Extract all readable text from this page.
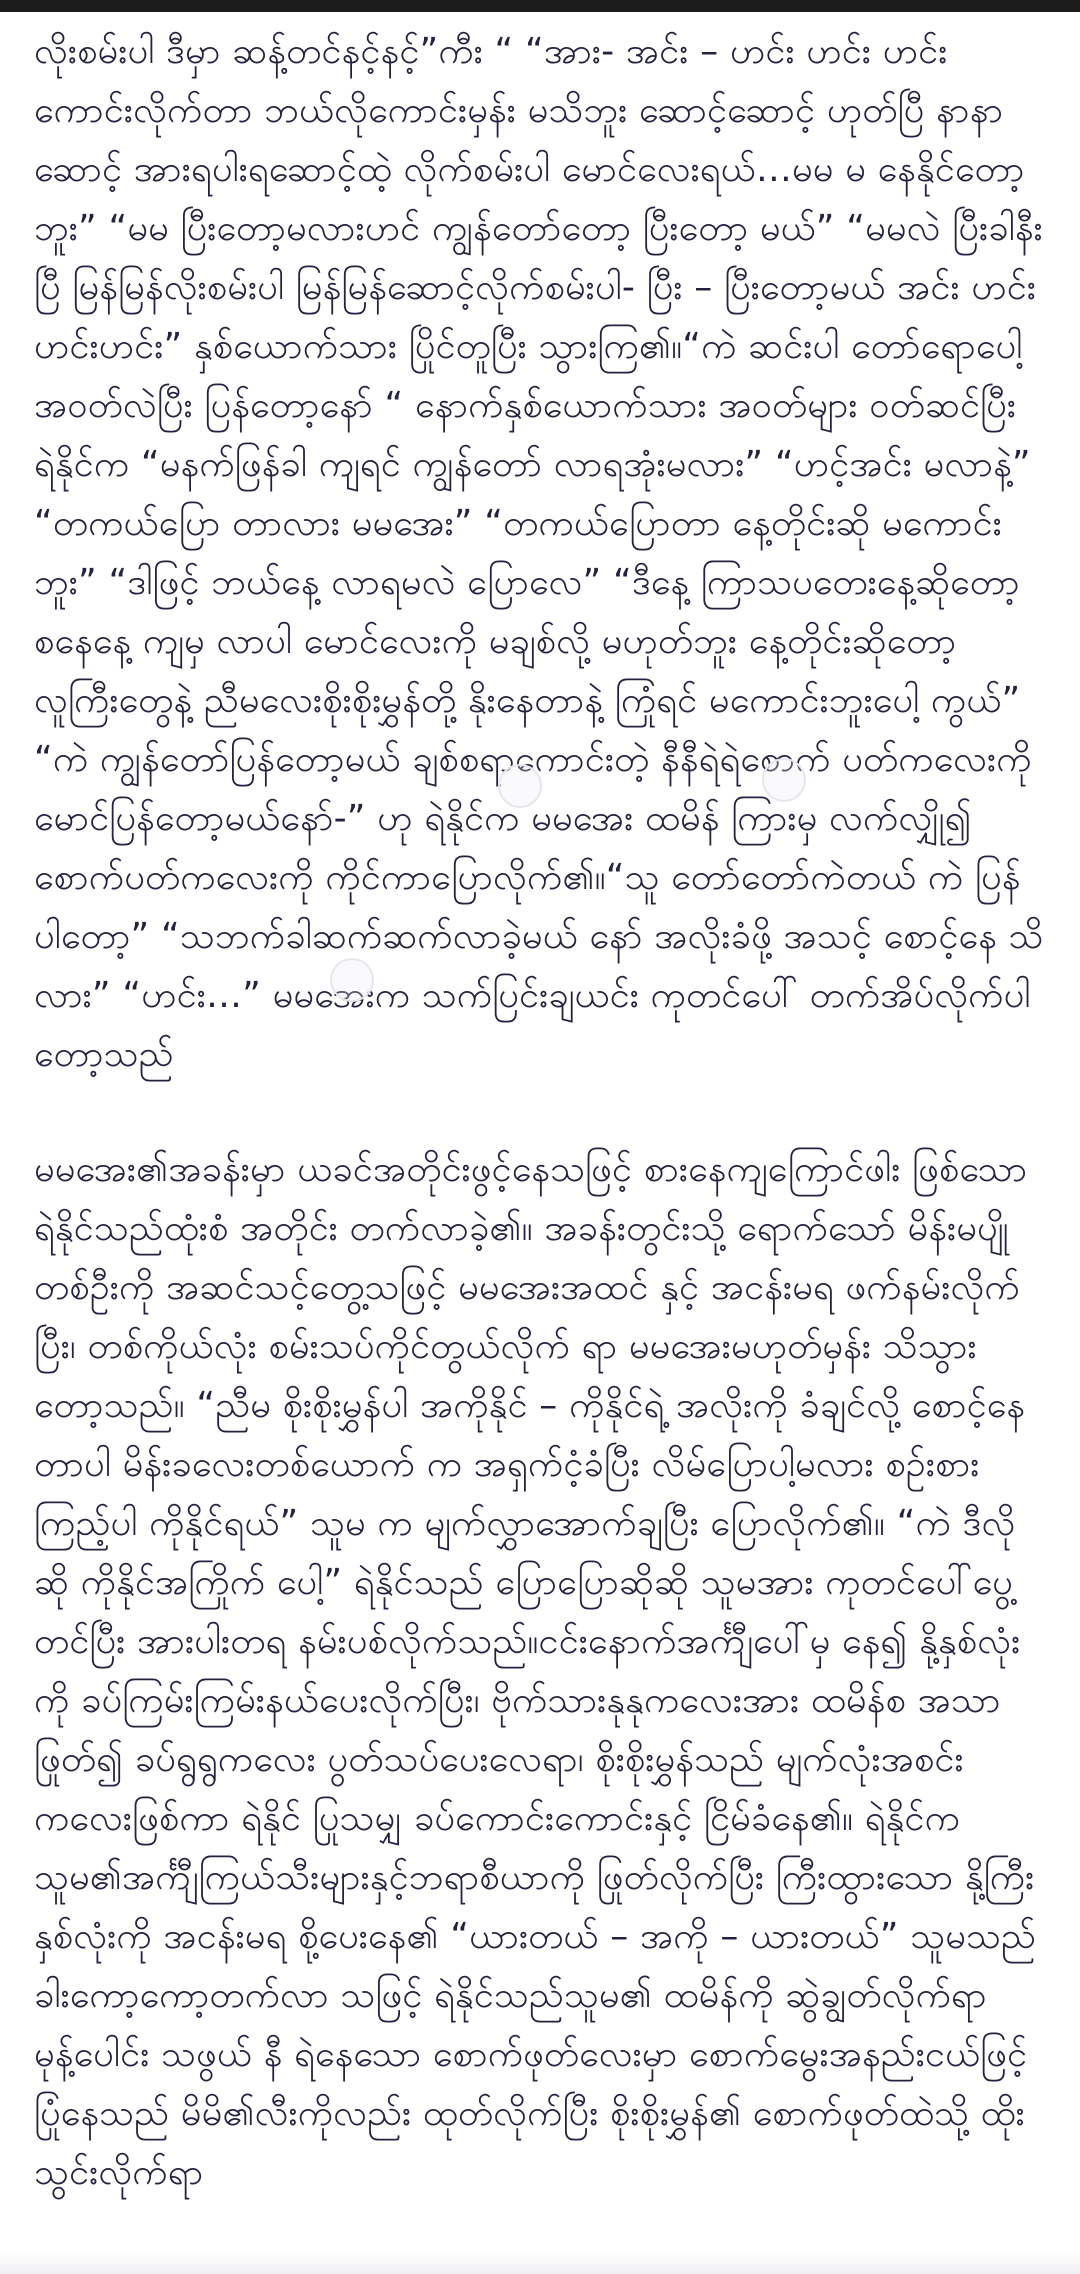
လိုးစမ်းပါ ဒီမှာ ဆန့်တင်နင့်နင့်”ကီး “ “အား- အင်း – ဟင်း ဟင်း ဟင်း ကောင်းလိုက်တာ ဘယ်လိုကောင်းမှန်း မသိဘူး ဆောင့်ဆောင့် ဟုတ်ပြီ နာနာဆောင့် အားရပါးရဆောင့်ထဲ့ လိုက်စမ်းပါ မောင်လေးရယ်…မမ မ နေနိုင်တော့ဘူး” “မမ ပြီးတော့မလားဟင် ကျွန်တော်တော့ ပြီးတော့ မယ်” “မမလဲ ပြီးခါနီးပြီ မြန်မြန်လိုးစမ်းပါ မြန်မြန်ဆောင့်လိုက်စမ်းပါ- ပြီး – ပြီးတော့မယ် အင်း ဟင်းဟင်းဟင်း” နှစ်ယောက်သား ပြိုင်တူပြီး သွားကြ၏။“ကဲ ဆင်းပါ တော်ရောပေါ့ အဝတ်လဲပြီး ပြန်တော့နော် “ နောက်နှစ်ယောက်သား အဝတ်များ ဝတ်ဆင်ပြီး ရဲနိုင်က “မနက်ဖြန်ခါ ကျရင် ကျွန်တော် လာရအုံးမလား” “ဟင့်အင်း မလာနဲ့” “တကယ်ပြော တာလား မမအေး” “တကယ်ပြောတာ နေ့တိုင်းဆို မကောင်းဘူး” “ဒါဖြင့် ဘယ်နေ့ လာရမလဲ ပြောလေ” “ဒီနေ့ ကြာသပတေးနေ့ဆိုတော့ စနေနေ့ ကျမှ လာပါ မောင်လေးကို မချစ်လို့ မဟုတ်ဘူး နေ့တိုင်းဆိုတော့ လူကြီးတွေနဲ့ ညီမလေးစိုးစိုးမွှန်တို့ နိုးနေတာနဲ့ ကြုံရင် မကောင်းဘူးပေါ့ ကွယ်” “ကဲ ကျွန်တော်ပြန်တော့မယ် ချစ်စရာကောင်းတဲ့ နီနီရဲရဲစောက် ပတ်ကလေးကို မောင်ပြန်တော့မယ်နော်-” ဟု ရဲနိုင်က မမအေး ထမိန် ကြားမှ လက်လျှို၍ စောက်ပတ်ကလေးကို ကိုင်ကာပြောလိုက်၏။“သူ တော်တော်ကဲတယ် ကဲ ပြန်ပါတော့” “သဘက်ခါဆက်ဆက်လာခဲ့မယ် နော် အလိုးခံဖို့ အသင့် စောင့်နေ သိလား” “ဟင်း…” မမအေးက သက်ပြင်းချယင်း ကုတင်ပေါ် တက်အိပ်လိုက်ပါတော့သည်

မမအေး၏အခန်းမှာ ယခင်အတိုင်းဖွင့်နေသဖြင့် စားနေကျကြောင်ဖါး ဖြစ်သော ရဲနိုင်သည်ထုံးစံ အတိုင်း တက်လာခဲ့၏။ အခန်းတွင်းသို့ ရောက်သော် မိန်းမပျိုတစ်ဦးကို အဆင်သင့်တွေ့သဖြင့် မမအေးအထင် နှင့် အငန်းမရ ဖက်နမ်းလိုက်ပြီး၊ တစ်ကိုယ်လုံး စမ်းသပ်ကိုင်တွယ်လိုက် ရာ မမအေးမဟုတ်မှန်း သိသွားတော့သည်။ “ညီမ စိုးစိုးမွှန်ပါ အကိုနိုင် – ကိုနိုင်ရဲ့ အလိုးကို ခံချင်လို့ စောင့်နေတာပါ မိန်းခလေးတစ်ယောက် က အရှက်ငံ့ခံပြီး လိမ်ပြောပါ့မလား စဉ်းစားကြည့်ပါ ကိုနိုင်ရယ်” သူမ က မျက်လွှာအောက်ချပြီး ပြောလိုက်၏။ “ကဲ ဒီလိုဆို ကိုနိုင်အကြိုက် ပေါ့” ရဲနိုင်သည် ပြောပြောဆိုဆို သူမအား ကုတင်ပေါ်ပွေ့တင်ပြီး အားပါးတရ နမ်းပစ်လိုက်သည်။ငင်းနောက်အင်္ကျီပေါ်မှ နေ၍ နို့နှစ်လုံး ကို ခပ်ကြမ်းကြမ်းနယ်ပေးလိုက်ပြီး၊ ဗိုက်သားနုနုကလေးအား ထမိန်စ အသာဖြုတ်၍ ခပ်ရွရွကလေး ပွတ်သပ်ပေးလေရာ၊ စိုးစိုးမွှန်သည် မျက်လုံးအစင်းကလေးဖြစ်ကာ ရဲနိုင် ပြုသမျှ ခပ်ကောင်းကောင်းနှင့် ငြိမ်ခံနေ၏။ ရဲနိုင်က သူမ၏အင်္ကျီကြယ်သီးများနှင့်ဘရာစီယာကို ဖြုတ်လိုက်ပြီး ကြီးထွားသော နို့ကြီးနှစ်လုံးကို အငန်းမရ စို့ပေးနေ၏ “ယားတယ် – အကို – ယားတယ်” သူမသည် ခါးကော့ကော့တက်လာ သဖြင့် ရဲနိုင်သည်သူမ၏ ထမိန်ကို ဆွဲချွတ်လိုက်ရာ မုန့်ပေါင်း သဖွယ် နီ ရဲနေသော စောက်ဖုတ်လေးမှာ စောက်မွေးအနည်းငယ်ဖြင့် ပြုံနေသည် မိမိ၏လီးကိုလည်း ထုတ်လိုက်ပြီး စိုးစိုးမွှန်၏ စောက်ဖုတ်ထဲသို့ ထိုးသွင်းလိုက်ရာ
